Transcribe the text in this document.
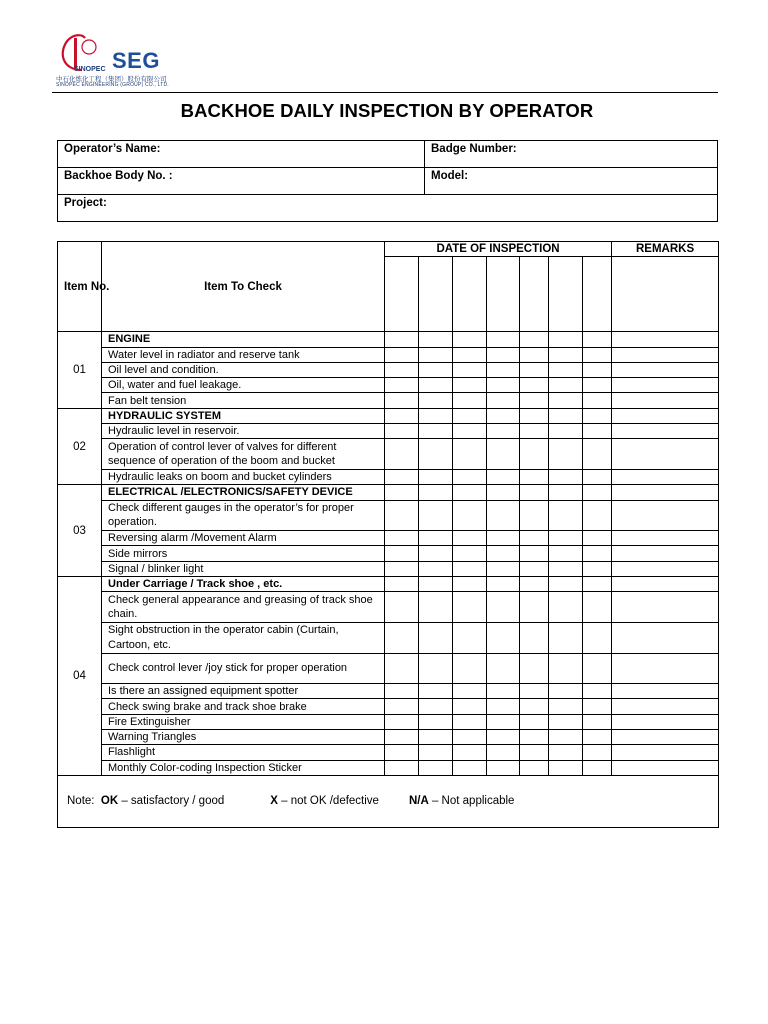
SINOPEC SEG
中石化炼化工程（集团）股份有限公司
SINOPEC ENGINEERING (GROUP) CO., LTD.
BACKHOE DAILY INSPECTION BY OPERATOR
Operator’s Name:	Badge Number:
Backhoe Body No. :	Model:
Project:	
Item No.	Item To Check	DATE OF INSPECTION							REMARKS

01	ENGINE								
	Water level in radiator and reserve tank								
	Oil level and condition.								
	Oil, water and fuel leakage.								
	Fan belt tension								
02	HYDRAULIC SYSTEM								
	Hydraulic level in reservoir.								
	Operation of control lever of valves for different sequence of operation of the boom and bucket								
	Hydraulic leaks on boom and bucket cylinders								
03	ELECTRICAL /ELECTRONICS/SAFETY DEVICE								
	Check different gauges in the operator’s for proper operation.								
	Reversing alarm /Movement Alarm								
	Side mirrors								
	Signal / blinker light								
04	Under Carriage / Track shoe , etc.								
	Check general appearance and greasing of track shoe chain.								
	Sight obstruction in the operator cabin (Curtain, Cartoon, etc.								
	Check control lever /joy stick for proper operation								
	Is there an assigned equipment spotter								
	Check swing brake and track shoe brake								
	Fire Extinguisher								
	Warning Triangles								
	Flashlight								
	Monthly Color-coding Inspection Sticker								
Note: OK – satisfactory / good X – not OK /defective N/A – Not applicable									
